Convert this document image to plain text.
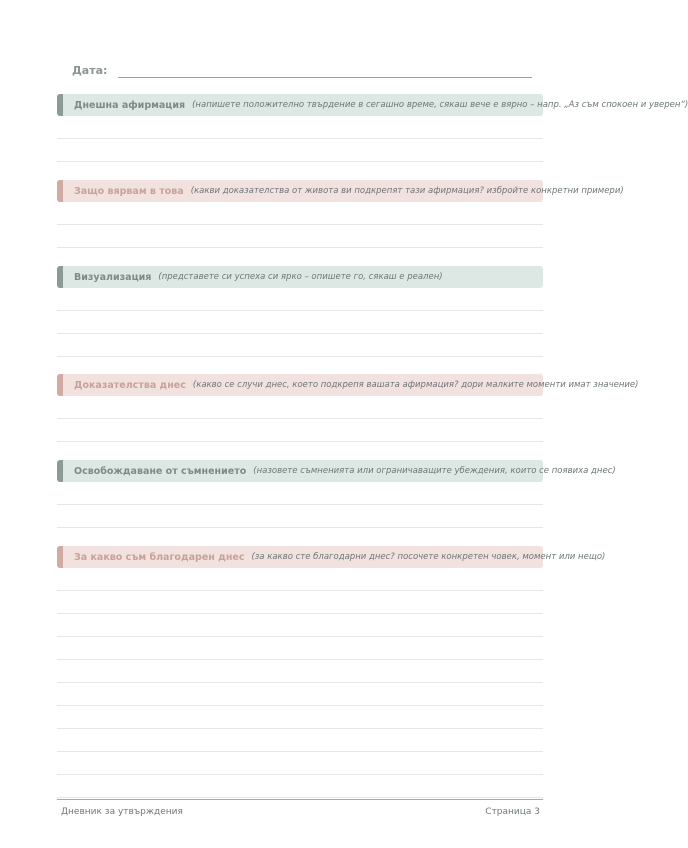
Дата:
Днешна афирмация (напишете положително твърдение в сегашно време, сякаш вече е вярно – напр. „Аз съм спокоен и уверен“)
Защо вярвам в това (какви доказателства от живота ви подкрепят тази афирмация? избройте конкретни примери)
Визуализация (представете си успеха си ярко – опишете го, сякаш е реален)
Доказателства днес (какво се случи днес, което подкрепя вашата афирмация? дори малките моменти имат значение)
Освобождаване от съмнението (назовете съмненията или ограничаващите убеждения, които се появиха днес)
За какво съм благодарен днес (за какво сте благодарни днес? посочете конкретен човек, момент или нещо)
Дневник за утвърждения	Страница 3
